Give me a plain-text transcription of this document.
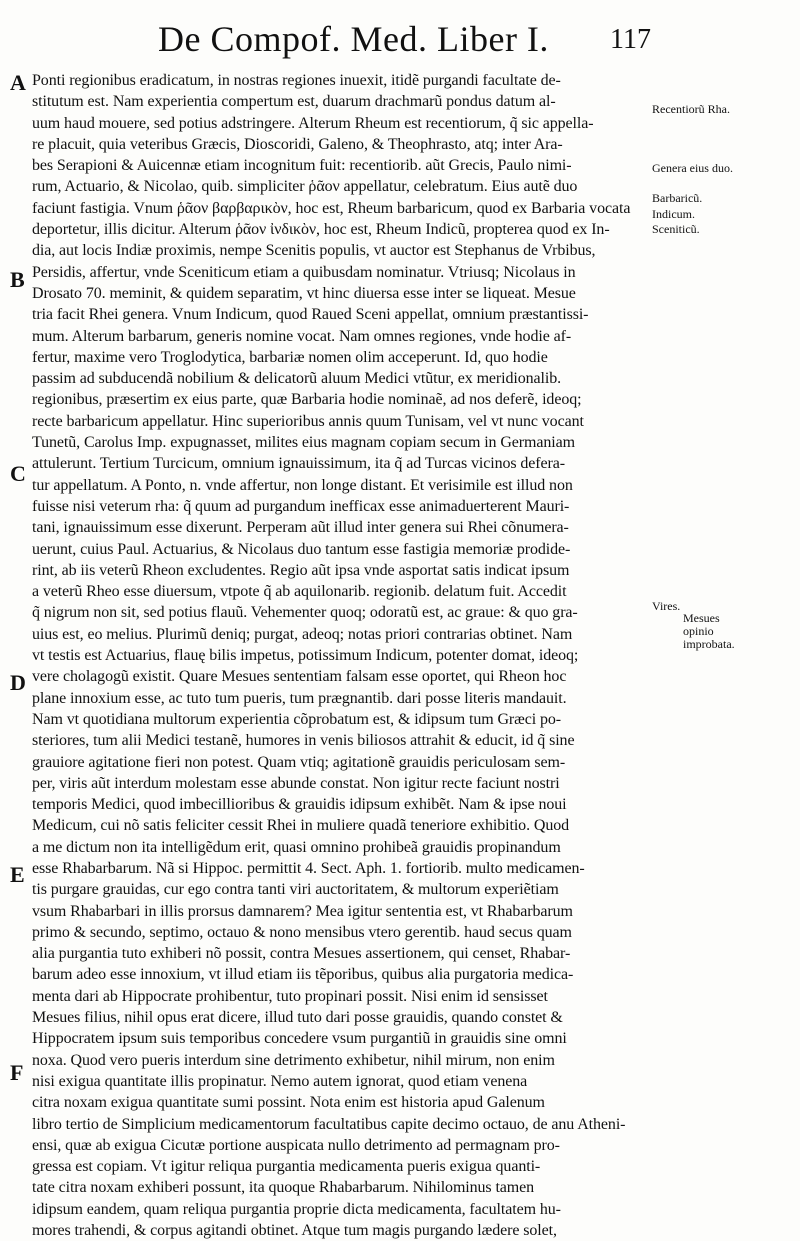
De Compof. Med. Liber I. 117
A
B
C
D
E
F
Recentiorũ Rha.
Genera eius duo.
Barbaricũ.
Indicum.
Sceniticũ.
Vires.
Mesues opinio improbata.
Ponti regionibus eradicatum, in nostras regiones inuexit, itidẽ purgandi facultate de-
stitutum est. Nam experientia compertum est, duarum drachmarũ pondus datum al-
uum haud mouere, sed potius adstringere. Alterum Rheum est recentiorum, q̃ sic appella-
re placuit, quia veteribus Græcis, Dioscoridi, Galeno, & Theophrasto, atq; inter Ara-
bes Serapioni & Auicennæ etiam incognitum fuit: recentiorib. aũt Grecis, Paulo nimi-
rum, Actuario, & Nicolao, quib. simpliciter ῥᾶον appellatur, celebratum. Eius autẽ duo
faciunt fastigia. Vnum ῥᾶον βαρβαρικὸν, hoc est, Rheum barbaricum, quod ex Barbaria vocata
deportetur, illis dicitur. Alterum ῥᾶον ἰνδικὸν, hoc est, Rheum Indicũ, propterea quod ex In-
dia, aut locis Indiæ proximis, nempe Scenitis populis, vt auctor est Stephanus de Vrbibus,
Persidis, affertur, vnde Sceniticum etiam a quibusdam nominatur. Vtriusq; Nicolaus in
Drosato 70. meminit, & quidem separatim, vt hinc diuersa esse inter se liqueat. Mesue
tria facit Rhei genera. Vnum Indicum, quod Raued Sceni appellat, omnium præstantissi-
mum. Alterum barbarum, generis nomine vocat. Nam omnes regiones, vnde hodie af-
fertur, maxime vero Troglodytica, barbariæ nomen olim acceperunt. Id, quo hodie
passim ad subducendã nobilium & delicatorũ aluum Medici vtũtur, ex meridionalib.
regionibus, præsertim ex eius parte, quæ Barbaria hodie nominaẽ, ad nos deferẽ, ideoq;
recte barbaricum appellatur. Hinc superioribus annis quum Tunisam, vel vt nunc vocant
Tunetũ, Carolus Imp. expugnasset, milites eius magnam copiam secum in Germaniam
attulerunt. Tertium Turcicum, omnium ignauissimum, ita q̃ ad Turcas vicinos defera-
tur appellatum. A Ponto, n. vnde affertur, non longe distant. Et verisimile est illud non
fuisse nisi veterum rha: q̃ quum ad purgandum inefficax esse animaduerterent Mauri-
tani, ignauissimum esse dixerunt. Perperam aũt illud inter genera sui Rhei cõnumera-
uerunt, cuius Paul. Actuarius, & Nicolaus duo tantum esse fastigia memoriæ prodide-
rint, ab iis veterũ Rheon excludentes. Regio aũt ipsa vnde asportat satis indicat ipsum
a veterũ Rheo esse diuersum, vtpote q̃ ab aquilonarib. regionib. delatum fuit. Accedit
q̃ nigrum non sit, sed potius flauũ. Vehementer quoq; odoratũ est, ac graue: & quo gra-
uius est, eo melius. Plurimũ deniq; purgat, adeoq; notas priori contrarias obtinet. Nam
vt testis est Actuarius, flauę bilis impetus, potissimum Indicum, potenter domat, ideoq;
vere cholagogũ existit. Quare Mesues sententiam falsam esse oportet, qui Rheon hoc
plane innoxium esse, ac tuto tum pueris, tum prægnantib. dari posse literis mandauit.
Nam vt quotidiana multorum experientia cõprobatum est, & idipsum tum Græci po-
steriores, tum alii Medici testanẽ, humores in venis biliosos attrahit & educit, id q̃ sine
grauiore agitatione fieri non potest. Quam vtiq; agitationẽ grauidis periculosam sem-
per, viris aũt interdum molestam esse abunde constat. Non igitur recte faciunt nostri
temporis Medici, quod imbecillioribus & grauidis idipsum exhibẽt. Nam & ipse noui
Medicum, cui nõ satis feliciter cessit Rhei in muliere quadã teneriore exhibitio. Quod
a me dictum non ita intelligẽdum erit, quasi omnino prohibeã grauidis propinandum
esse Rhabarbarum. Nã si Hippoc. permittit 4. Sect. Aph. 1. fortiorib. multo medicamen-
tis purgare grauidas, cur ego contra tanti viri auctoritatem, & multorum experiẽtiam
vsum Rhabarbari in illis prorsus damnarem? Mea igitur sententia est, vt Rhabarbarum
primo & secundo, septimo, octauo & nono mensibus vtero gerentib. haud secus quam
alia purgantia tuto exhiberi nõ possit, contra Mesues assertionem, qui censet, Rhabar-
barum adeo esse innoxium, vt illud etiam iis tẽporibus, quibus alia purgatoria medica-
menta dari ab Hippocrate prohibentur, tuto propinari possit. Nisi enim id sensisset
Mesues filius, nihil opus erat dicere, illud tuto dari posse grauidis, quando constet &
Hippocratem ipsum suis temporibus concedere vsum purgantiũ in grauidis sine omni
noxa. Quod vero pueris interdum sine detrimento exhibetur, nihil mirum, non enim
nisi exigua quantitate illis propinatur. Nemo autem ignorat, quod etiam venena
citra noxam exigua quantitate sumi possint. Nota enim est historia apud Galenum
libro tertio de Simplicium medicamentorum facultatibus capite decimo octauo, de anu Atheni-
ensi, quæ ab exigua Cicutæ portione auspicata nullo detrimento ad permagnam pro-
gressa est copiam. Vt igitur reliqua purgantia medicamenta pueris exigua quanti-
tate citra noxam exhiberi possunt, ita quoque Rhabarbarum. Nihilominus tamen
idipsum eandem, quam reliqua purgantia proprie dicta medicamenta, facultatem hu-
mores trahendi, & corpus agitandi obtinet. Atque tum magis purgando lædere solet,
